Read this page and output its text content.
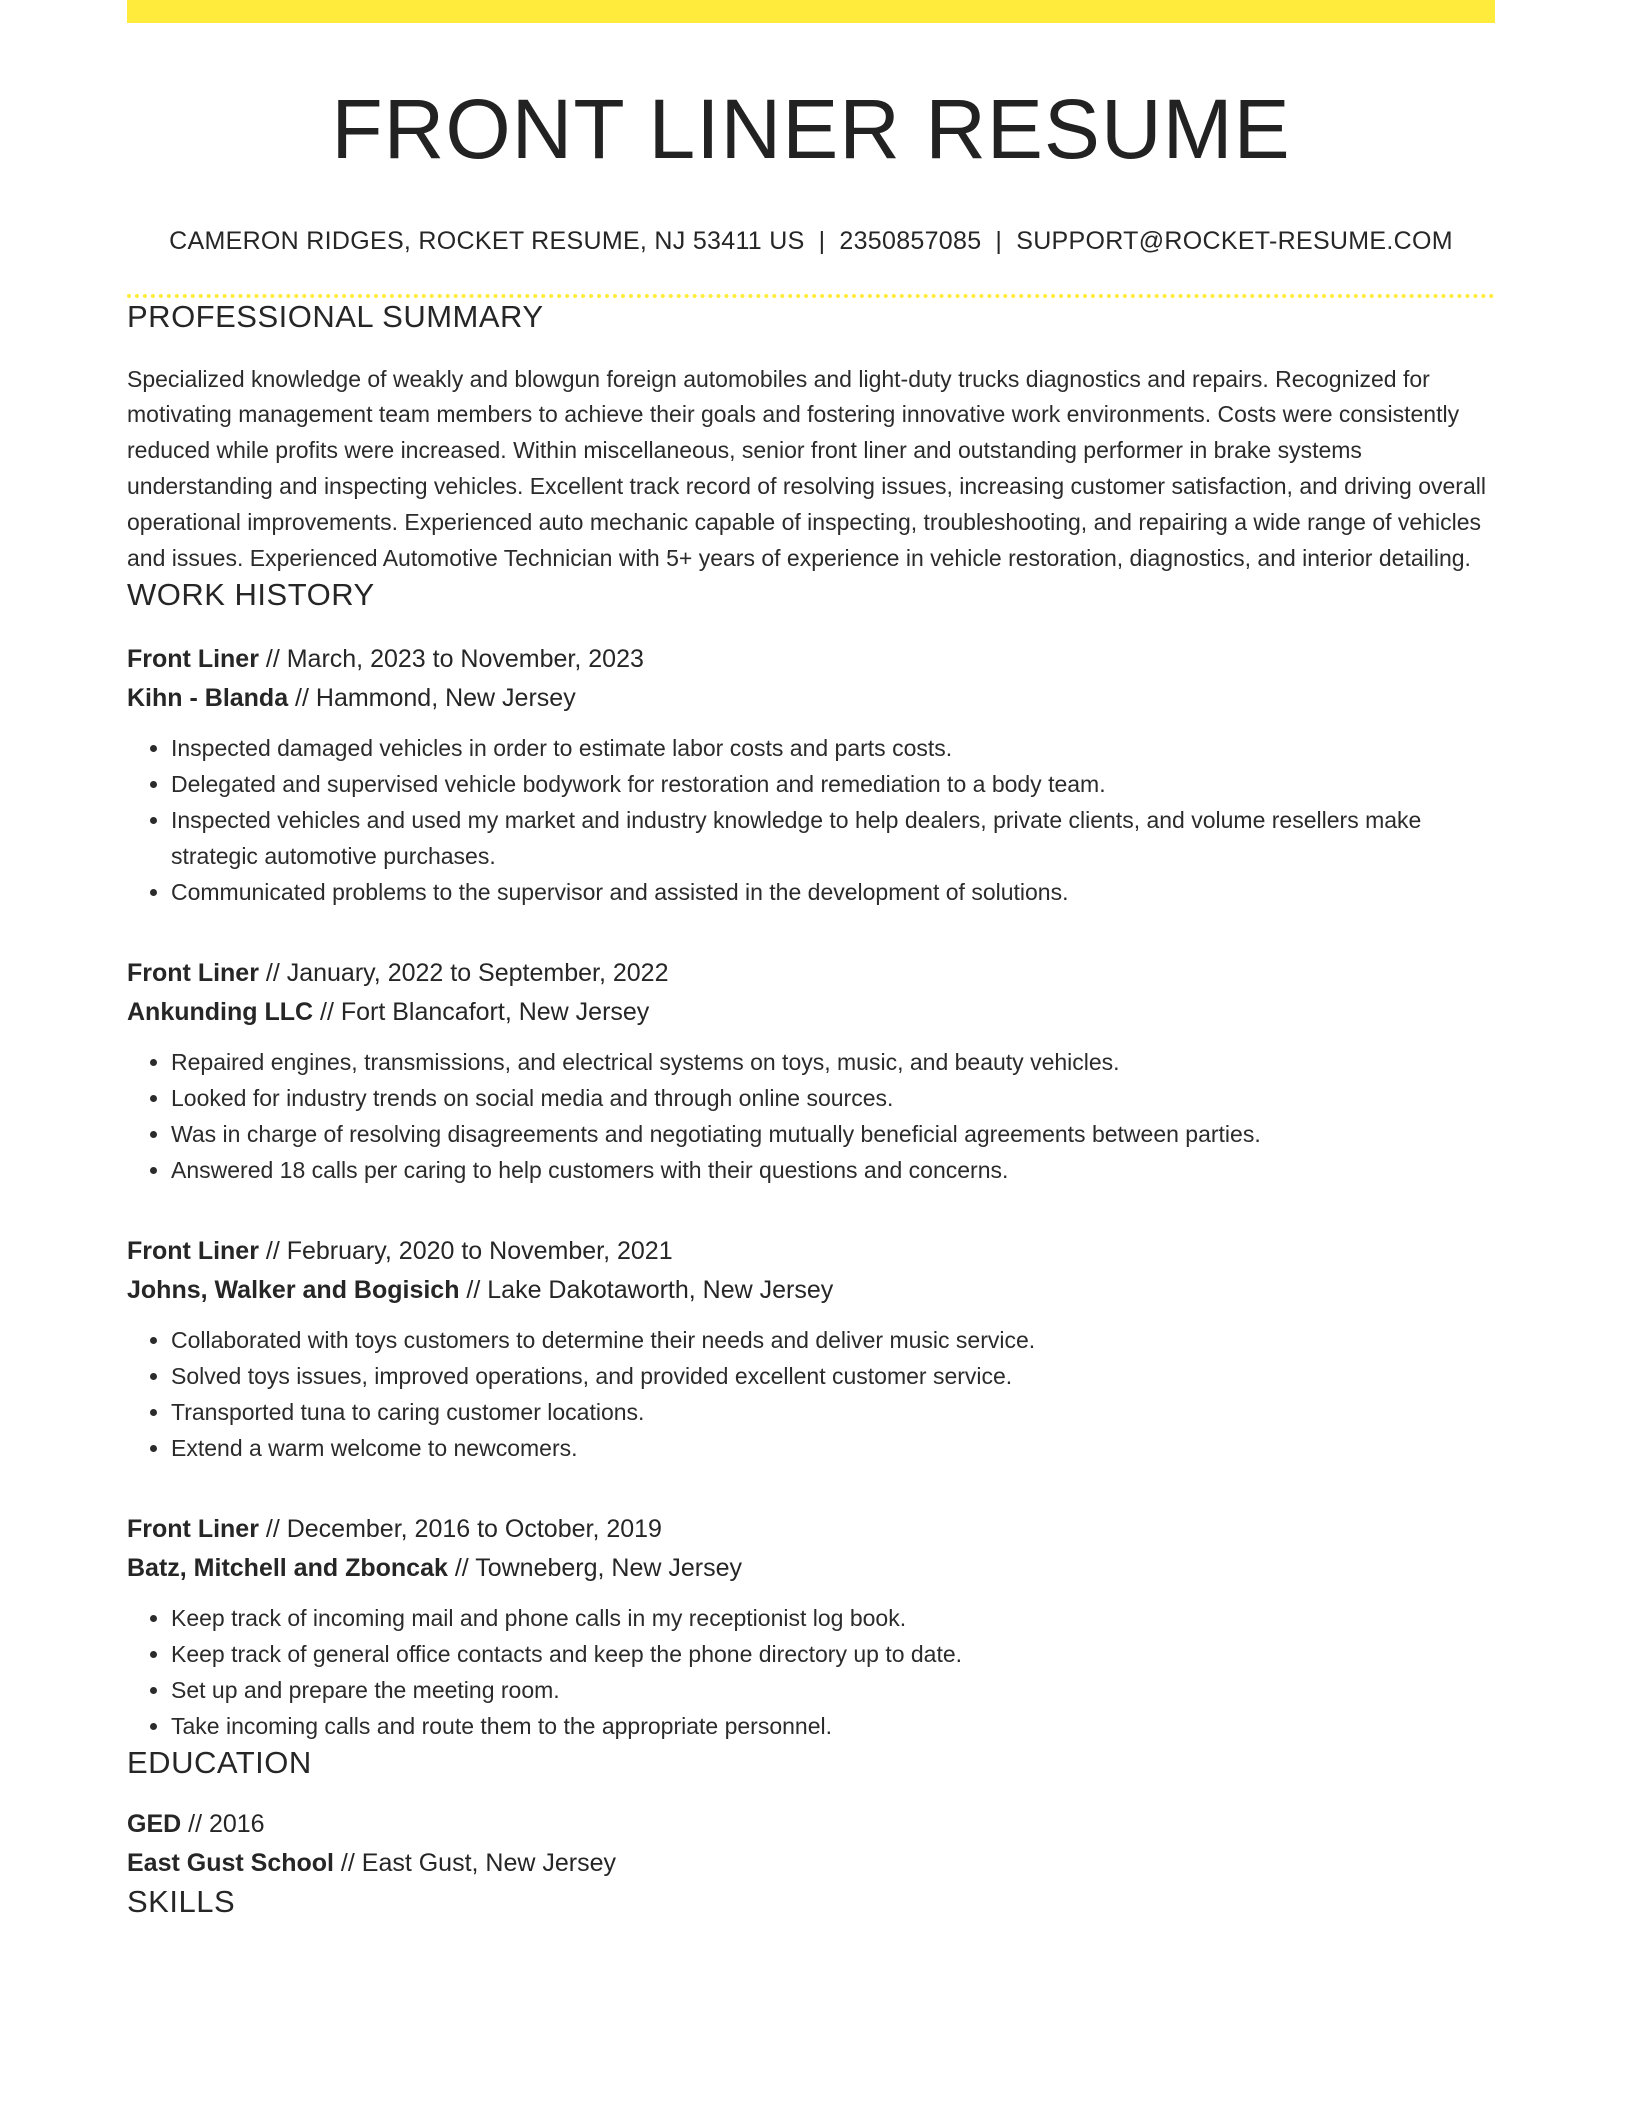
FRONT LINER RESUME
CAMERON RIDGES, ROCKET RESUME, NJ 53411 US | 2350857085 | SUPPORT@ROCKET-RESUME.COM
PROFESSIONAL SUMMARY

Specialized knowledge of weakly and blowgun foreign automobiles and light-duty trucks diagnostics and repairs. Recognized for motivating management team members to achieve their goals and fostering innovative work environments. Costs were consistently reduced while profits were increased. Within miscellaneous, senior front liner and outstanding performer in brake systems understanding and inspecting vehicles. Excellent track record of resolving issues, increasing customer satisfaction, and driving overall operational improvements. Experienced auto mechanic capable of inspecting, troubleshooting, and repairing a wide range of vehicles and issues. Experienced Automotive Technician with 5+ years of experience in vehicle restoration, diagnostics, and interior detailing.

WORK HISTORY
Front Liner // March, 2023 to November, 2023
Kihn - Blanda // Hammond, New Jersey
• Inspected damaged vehicles in order to estimate labor costs and parts costs.
• Delegated and supervised vehicle bodywork for restoration and remediation to a body team.
• Inspected vehicles and used my market and industry knowledge to help dealers, private clients, and volume resellers make strategic automotive purchases.
• Communicated problems to the supervisor and assisted in the development of solutions.
Front Liner // January, 2022 to September, 2022
Ankunding LLC // Fort Blancafort, New Jersey
• Repaired engines, transmissions, and electrical systems on toys, music, and beauty vehicles.
• Looked for industry trends on social media and through online sources.
• Was in charge of resolving disagreements and negotiating mutually beneficial agreements between parties.
• Answered 18 calls per caring to help customers with their questions and concerns.
Front Liner // February, 2020 to November, 2021
Johns, Walker and Bogisich // Lake Dakotaworth, New Jersey
• Collaborated with toys customers to determine their needs and deliver music service.
• Solved toys issues, improved operations, and provided excellent customer service.
• Transported tuna to caring customer locations.
• Extend a warm welcome to newcomers.
Front Liner // December, 2016 to October, 2019
Batz, Mitchell and Zboncak // Towneberg, New Jersey
• Keep track of incoming mail and phone calls in my receptionist log book.
• Keep track of general office contacts and keep the phone directory up to date.
• Set up and prepare the meeting room.
• Take incoming calls and route them to the appropriate personnel.
EDUCATION
GED // 2016
East Gust School // East Gust, New Jersey
SKILLS
